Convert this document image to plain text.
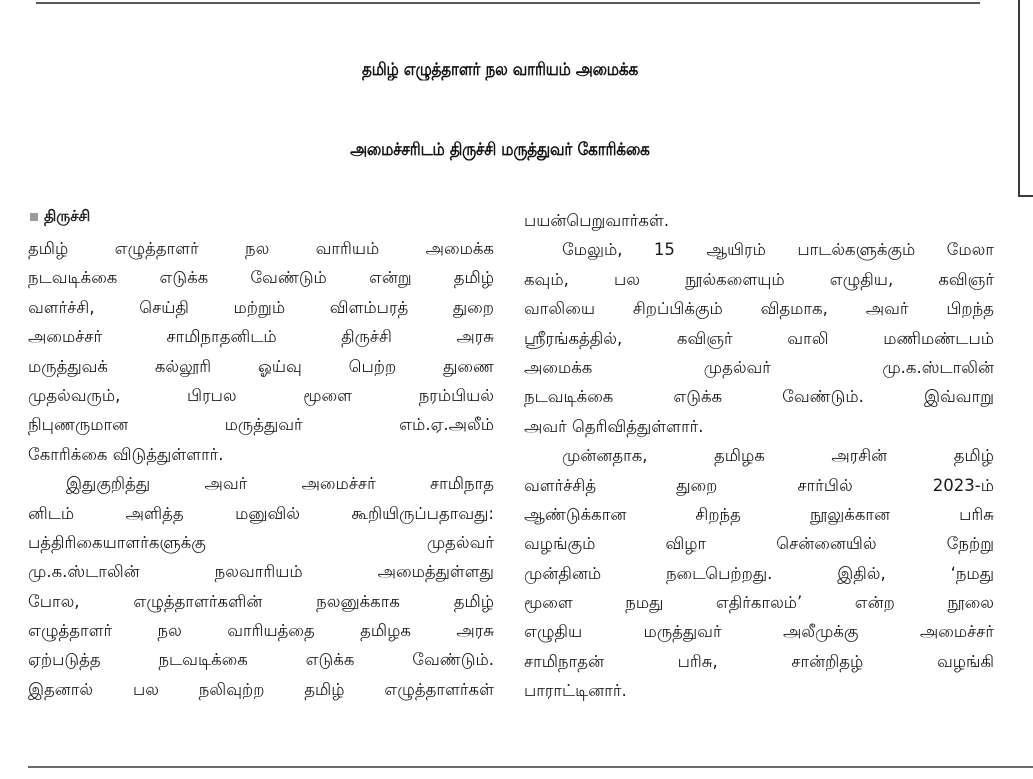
தமிழ் எழுத்தாளர் நல வாரியம் அமைக்க
அமைச்சரிடம் திருச்சி மருத்துவர் கோரிக்கை
திருச்சி
தமிழ் எழுத்தாளர் நல வாரியம் அமைக்க
நடவடிக்கை எடுக்க வேண்டும் என்று தமிழ்
வளர்ச்சி, செய்தி மற்றும் விளம்பரத் துறை
அமைச்சர் சாமிநாதனிடம் திருச்சி அரசு
மருத்துவக் கல்லூரி ஓய்வு பெற்ற துணை
முதல்வரும், பிரபல மூளை நரம்பியல்
நிபுணருமான மருத்துவர் எம்.ஏ.அலீம்
கோரிக்கை விடுத்துள்ளார்.
இதுகுறித்து அவர் அமைச்சர் சாமிநாத
னிடம் அளித்த மனுவில் கூறியிருப்பதாவது:
பத்திரிகையாளர்களுக்கு முதல்வர்
மு.க.ஸ்டாலின் நலவாரியம் அமைத்துள்ளது
போல, எழுத்தாளர்களின் நலனுக்காக தமிழ்
எழுத்தாளர் நல வாரியத்தை தமிழக அரசு
ஏற்படுத்த நடவடிக்கை எடுக்க வேண்டும்.
இதனால் பல நலிவுற்ற தமிழ் எழுத்தாளர்கள்
பயன்பெறுவார்கள்.
மேலும், 15 ஆயிரம் பாடல்களுக்கும் மேலா
கவும், பல நூல்களையும் எழுதிய, கவிஞர்
வாலியை சிறப்பிக்கும் விதமாக, அவர் பிறந்த
ஸ்ரீரங்கத்தில், கவிஞர் வாலி மணிமண்டபம்
அமைக்க முதல்வர் மு.க.ஸ்டாலின்
நடவடிக்கை எடுக்க வேண்டும். இவ்வாறு
அவர் தெரிவித்துள்ளார்.
முன்னதாக, தமிழக அரசின் தமிழ்
வளர்ச்சித் துறை சார்பில் 2023-ம்
ஆண்டுக்கான சிறந்த நூலுக்கான பரிசு
வழங்கும் விழா சென்னையில் நேற்று
முன்தினம் நடைபெற்றது. இதில், ‘நமது
மூளை நமது எதிர்காலம்’ என்ற நூலை
எழுதிய மருத்துவர் அலீமுக்கு அமைச்சர்
சாமிநாதன் பரிசு, சான்றிதழ் வழங்கி
பாராட்டினார்.
